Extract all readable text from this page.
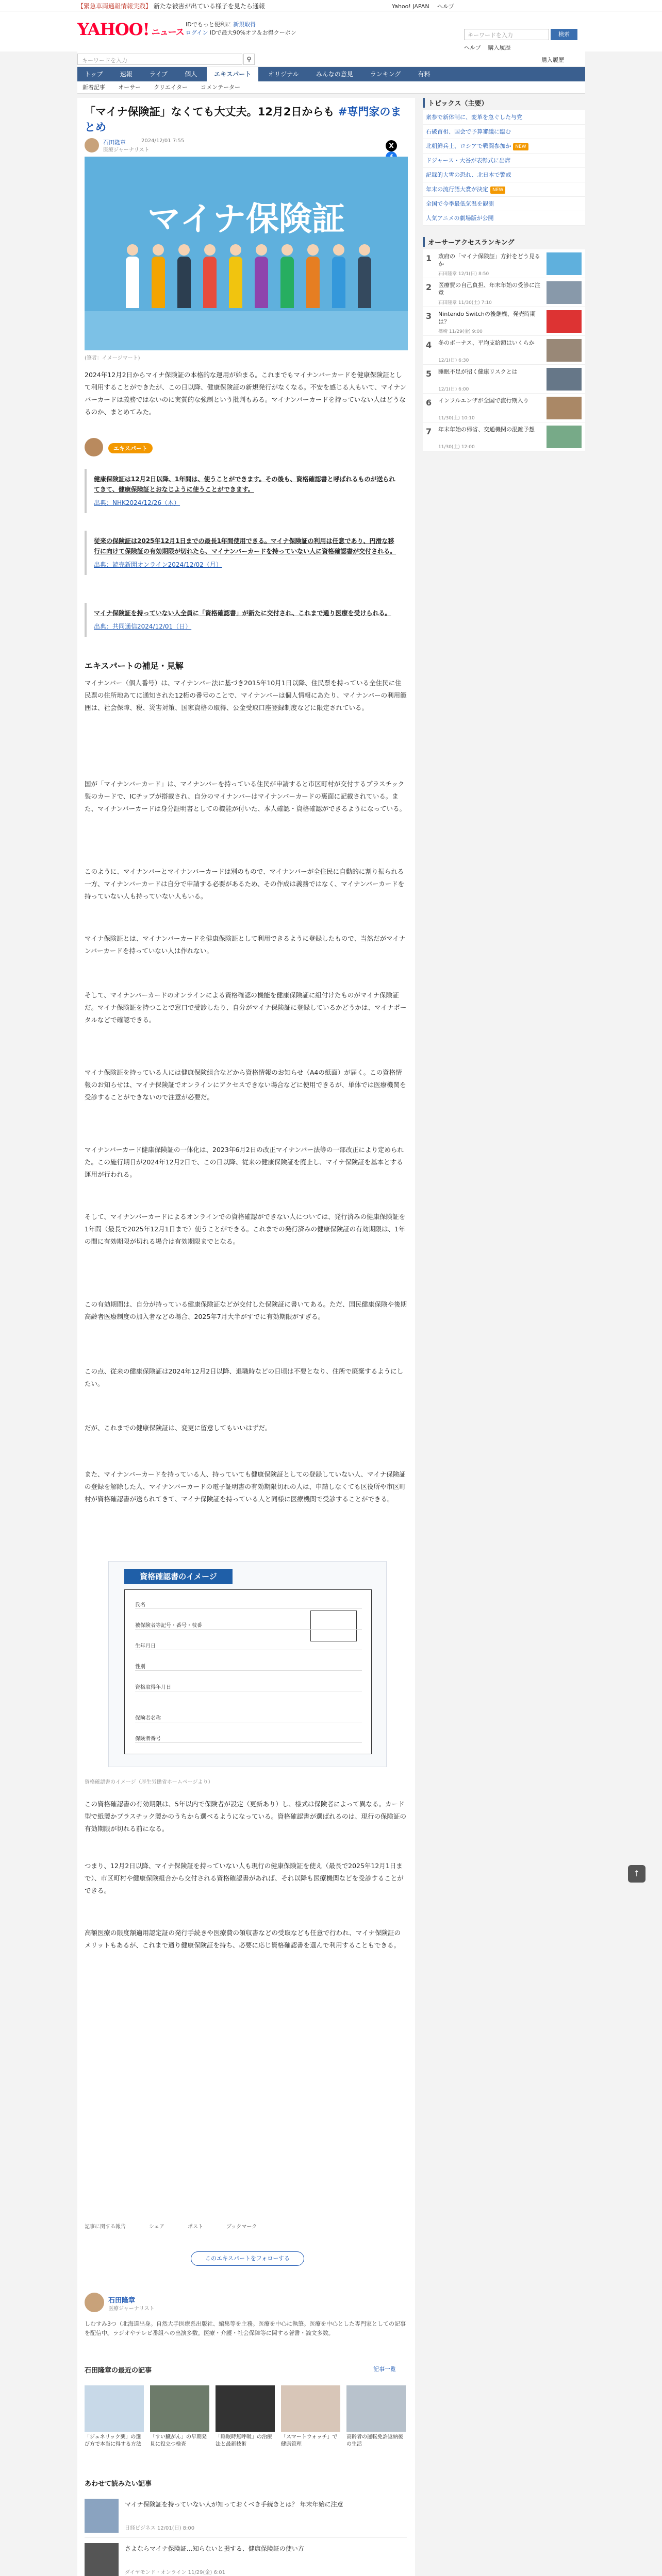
【緊急車両通報情報実践】 新たな被害が出ている様子を見たら通報	Yahoo! JAPAN ヘルプ
YAHOO! ニュース
IDでもっと便利に 新規取得
ログイン IDで最大90%オフ＆お得クーポン	キーワードを入力	検索
ヘルプ 購入履歴
キーワードを入力	⚲	購入履歴
トップ	速報	ライブ	個人	エキスパート	オリジナル	みんなの意見	ランキング	有料
新着記事 オーサー クリエイター コメンテーター
「マイナ保険証」なくても大丈夫。12月2日からも #専門家のまとめ
石田隆章
医療ジャーナリスト
2024/12/01 7:55
X
マイナ保険証
(筆者：イメージマート)
2024年12月2日からマイナ保険証の本格的な運用が始まる。これまでもマイナンバーカードを健康保険証として利用することができたが、この日以降、健康保険証の新規発行がなくなる。不安を感じる人もいて、マイナンバーカードは義務ではないのに実質的な強制という批判もある。マイナンバーカードを持っていない人はどうなるのか、まとめてみた。
エキスパート
健康保険証は12月2日以降、1年間は、使うことができます。その後も、資格確認書と呼ばれるものが送られてきて、健康保険証とおなじように使うことができます。
出典：NHK2024/12/26（木）
従来の保険証は2025年12月1日までの最長1年間使用できる。マイナ保険証の利用は任意であり、円滑な移行に向けて保険証の有効期限が切れたら、マイナンバーカードを持っていない人に資格確認書が交付される。
出典：読売新聞オンライン2024/12/02（月）
マイナ保険証を持っていない人全員に「資格確認書」が新たに交付され、これまで通り医療を受けられる。
出典：共同通信2024/12/01（日）
エキスパートの補足・見解
マイナンバー（個人番号）は、マイナンバー法に基づき2015年10月1日以降、住民票を持っている全住民に住民票の住所地あてに通知された12桁の番号のことで、マイナンバーは個人情報にあたり、マイナンバーの利用範囲は、社会保障、税、災害対策、国家資格の取得、公金受取口座登録制度などに限定されている。
国が「マイナンバーカード」は、マイナンバーを持っている住民が申請すると市区町村が交付するプラスチック製のカードで、ICチップが搭載され、自分のマイナンバーはマイナンバーカードの裏面に記載されている。また、マイナンバーカードは身分証明書としての機能が付いた、本人確認・資格確認ができるようになっている。
このように、マイナンバーとマイナンバーカードは別のもので、マイナンバーが全住民に自動的に割り振られる一方、マイナンバーカードは自分で申請する必要があるため、その作成は義務ではなく、マイナンバーカードを持っていない人も持っていない人もいる。
マイナ保険証とは、マイナンバーカードを健康保険証として利用できるように登録したもので、当然だがマイナンバーカードを持っていない人は作れない。
そして、マイナンバーカードのオンラインによる資格確認の機能を健康保険証に紐付けたものがマイナ保険証だ。マイナ保険証を持つことで窓口で受診したり、自分がマイナ保険証に登録しているかどうかは、マイナポータルなどで確認できる。
マイナ保険証を持っている人には健康保険組合などから資格情報のお知らせ（A4の紙面）が届く。この資格情報のお知らせは、マイナ保険証でオンラインにアクセスできない場合などに使用できるが、単体では医療機関を受診することができないので注意が必要だ。
マイナンバーカード健康保険証の一体化は、2023年6月2日の改正マイナンバー法等の一部改正により定められた。この施行期日が2024年12月2日で、この日以降、従来の健康保険証を廃止し、マイナ保険証を基本とする運用が行われる。
そして、マイナンバーカードによるオンラインでの資格確認ができない人については、発行済みの健康保険証を1年間（最長で2025年12月1日まで）使うことができる。これまでの発行済みの健康保険証の有効期限は、1年の間に有効期限が切れる場合は有効期限までとなる。
この有効期間は、自分が持っている健康保険証などが交付した保険証に書いてある。ただ、国民健康保険や後期高齢者医療制度の加入者などの場合、2025年7月大半がすでに有効期限がすぎる。
この点、従来の健康保険証は2024年12月2日以降、退職時などの日頃は不要となり、住所で廃棄するようにしたい。
だが、これまでの健康保険証は、変更に留意してもいいはずだ。
また、マイナンバーカードを持っている人、持っていても健康保険証としての登録していない人、マイナ保険証の登録を解除した人、マイナンバーカードの電子証明書の有効期限切れの人は、申請しなくても区役所や市区町村が資格確認書が送られてきて、マイナ保険証を持っている人と同様に医療機関で受診することができる。
資格確認書のイメージ
氏名
被保険者等記号・番号・枝番
生年月日
性別
資格取得年月日
保険者名称
保険者番号
資格確認書のイメージ（厚生労働省ホームページより）
この資格確認書の有効期限は、5年以内で保険者が設定（更新あり）し、様式は保険者によって異なる。カード型で紙製かプラスチック製かのうちから選べるようになっている。資格確認書が選ばれるのは、現行の保険証の有効期限が切れる前になる。
つまり、12月2日以降、マイナ保険証を持っていない人も現行の健康保険証を使え（最長で2025年12月1日まで）、市区町村や健康保険組合から交付される資格確認書があれば、それ以降も医療機関などを受診することができる。
高額医療の限度額適用認定証の発行手続きや医療費の領収書などの受取なども任意で行われ、マイナ保険証のメリットもあるが、これまで通り健康保険証を持ち、必要に応じ資格確認書を選んで利用することもできる。
記事に関する報告	シェア	ポスト	ブックマーク
このエキスパートをフォローする
石田隆章
医療ジャーナリスト
しむすみ3つ（北海道出身。自然大手医療系出版社、編集等を主務。医療を中心に執筆。医療を中心とした専門家としての記事を配信中。ラジオやテレビ番組への出演多数。医療・介護・社会保障等に関する著書・論文多数。
石田隆章の最近の記事	記事一覧
「ジェネリック薬」の選び方で本当に得する方法
「すい臓がん」の早期発見に役立つ検査
「睡眠時無呼吸」の治療法と最新技術
「スマートウォッチ」で健康管理
高齢者の運転免許返納後の生活
あわせて読みたい記事
マイナ保険証を持っていない人が知っておくべき手続きとは？ 年末年始に注意
日経ビジネス 12/01(日) 8:00
さよならマイナ保険証…知らないと損する、健康保険証の使い方
ダイヤモンド・オンライン 11/29(金) 6:01
トピックス（主要）
衆参で新体制に、変革を急ぐした与党
石破首相、国会で予算審議に臨む
北朝鮮兵士、ロシアで戦闘参加か NEW
ドジャース・大谷が表彰式に出席
記録的大雪の恐れ、北日本で警戒
年末の流行語大賞が決定 NEW
全国で今季最低気温を観測
人気アニメの劇場版が公開
オーサーアクセスランキング
1 政府の「マイナ保険証」方針をどう見るか
石田隆章 12/1(日) 8:50
2 医療費の自己負担、年末年始の受診に注意
石田隆章 11/30(土) 7:10
3 Nintendo Switchの後継機、発売時期は？
篠崎 11/29(金) 9:00
4 冬のボーナス、平均支給額はいくらか
12/1(日) 6:30
5 睡眠不足が招く健康リスクとは
12/1(日) 6:00
6 インフルエンザが全国で流行期入り
11/30(土) 10:10
7 年末年始の帰省、交通機関の混雑予想
11/30(土) 12:00
↑
